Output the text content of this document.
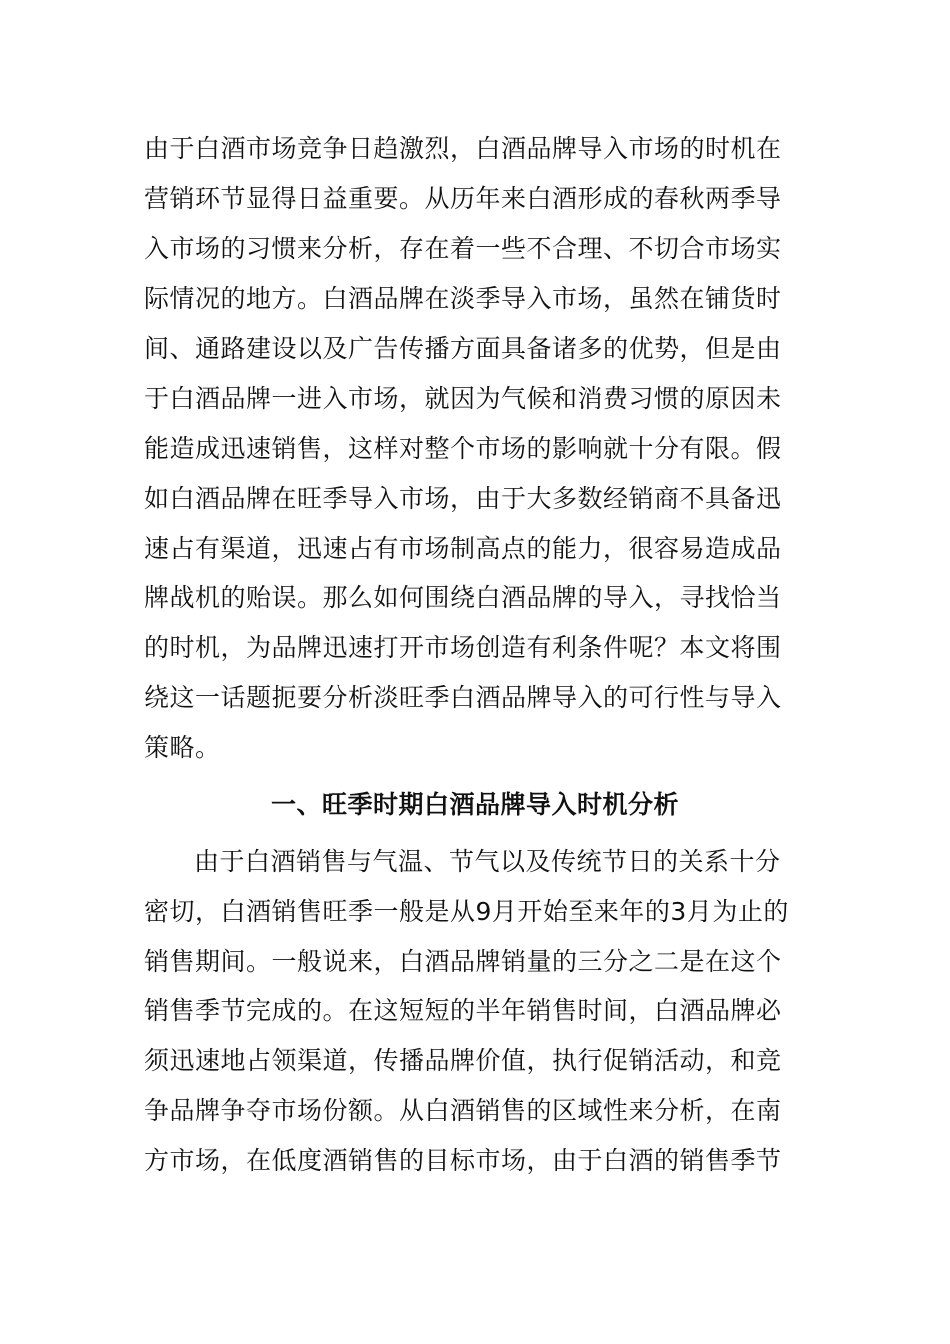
由于白酒市场竞争日趋激烈，白酒品牌导入市场的时机在
营销环节显得日益重要。从历年来白酒形成的春秋两季导
入市场的习惯来分析，存在着一些不合理、不切合市场实
际情况的地方。白酒品牌在淡季导入市场，虽然在铺货时
间、通路建设以及广告传播方面具备诸多的优势，但是由
于白酒品牌一进入市场，就因为气候和消费习惯的原因未
能造成迅速销售，这样对整个市场的影响就十分有限。假
如白酒品牌在旺季导入市场，由于大多数经销商不具备迅
速占有渠道，迅速占有市场制高点的能力，很容易造成品
牌战机的贻误。那么如何围绕白酒品牌的导入，寻找恰当
的时机，为品牌迅速打开市场创造有利条件呢？本文将围
绕这一话题扼要分析淡旺季白酒品牌导入的可行性与导入
策略。
一、旺季时期白酒品牌导入时机分析
由于白酒销售与气温、节气以及传统节日的关系十分
密切，白酒销售旺季一般是从9月开始至来年的3月为止的
销售期间。一般说来，白酒品牌销量的三分之二是在这个
销售季节完成的。在这短短的半年销售时间，白酒品牌必
须迅速地占领渠道，传播品牌价值，执行促销活动，和竞
争品牌争夺市场份额。从白酒销售的区域性来分析，在南
方市场，在低度酒销售的目标市场，由于白酒的销售季节
